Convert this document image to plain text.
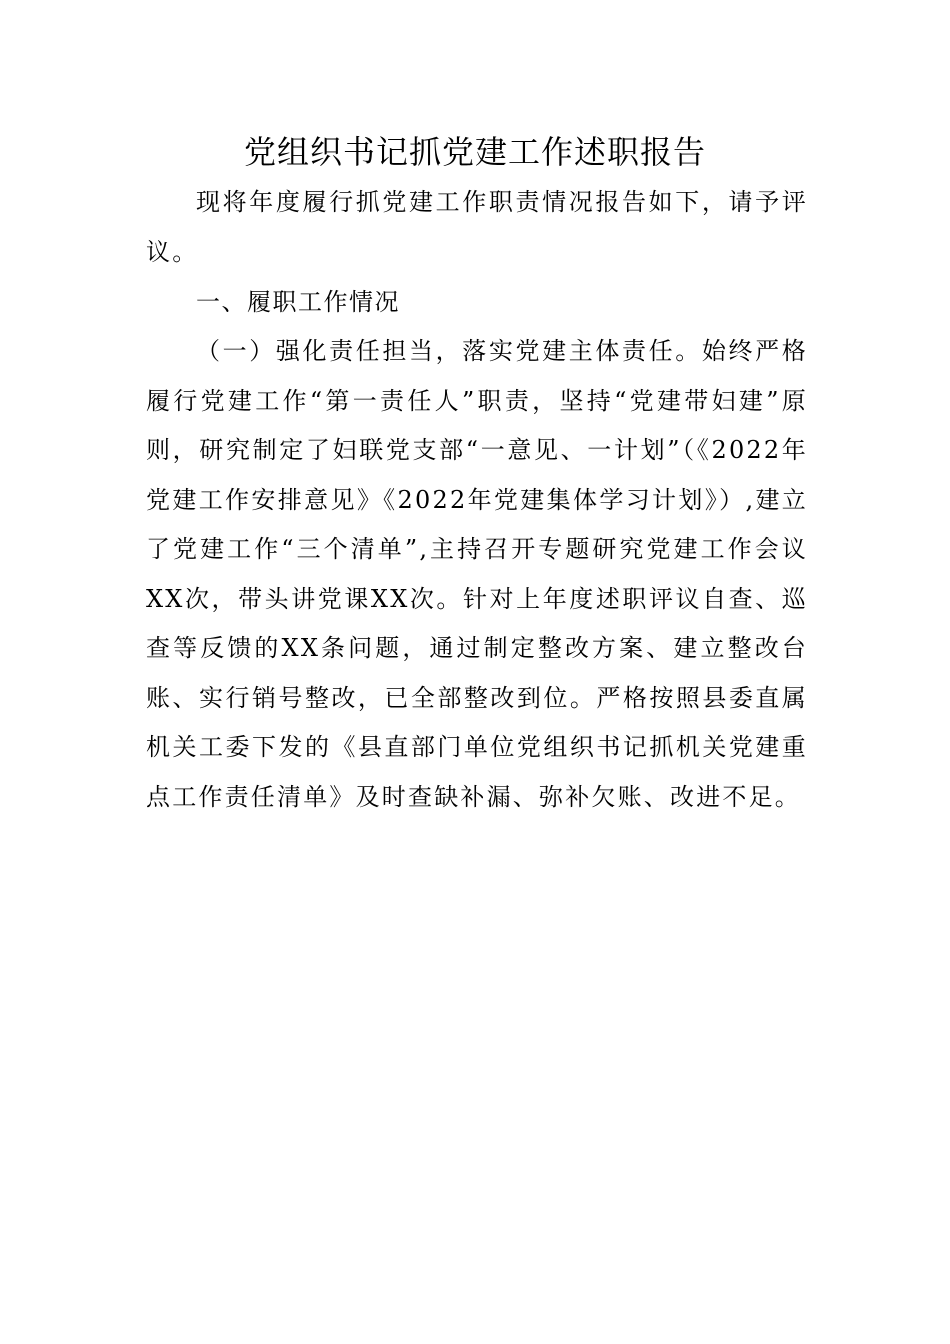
党组织书记抓党建工作述职报告

现将年度履行抓党建工作职责情况报告如下，请予评议。

一、履职工作情况

（一）强化责任担当，落实党建主体责任。始终严格履行党建工作“第一责任人”职责，坚持“党建带妇建”原则，研究制定了妇联党支部“一意见、一计划”（《2022年党建工作安排意见》《2022年党建集体学习计划》）,建立了党建工作“三个清单”,主持召开专题研究党建工作会议XX次，带头讲党课XX次。针对上年度述职评议自查、巡查等反馈的XX条问题，通过制定整改方案、建立整改台账、实行销号整改，已全部整改到位。严格按照县委直属机关工委下发的《县直部门单位党组织书记抓机关党建重点工作责任清单》及时查缺补漏、弥补欠账、改进不足。
